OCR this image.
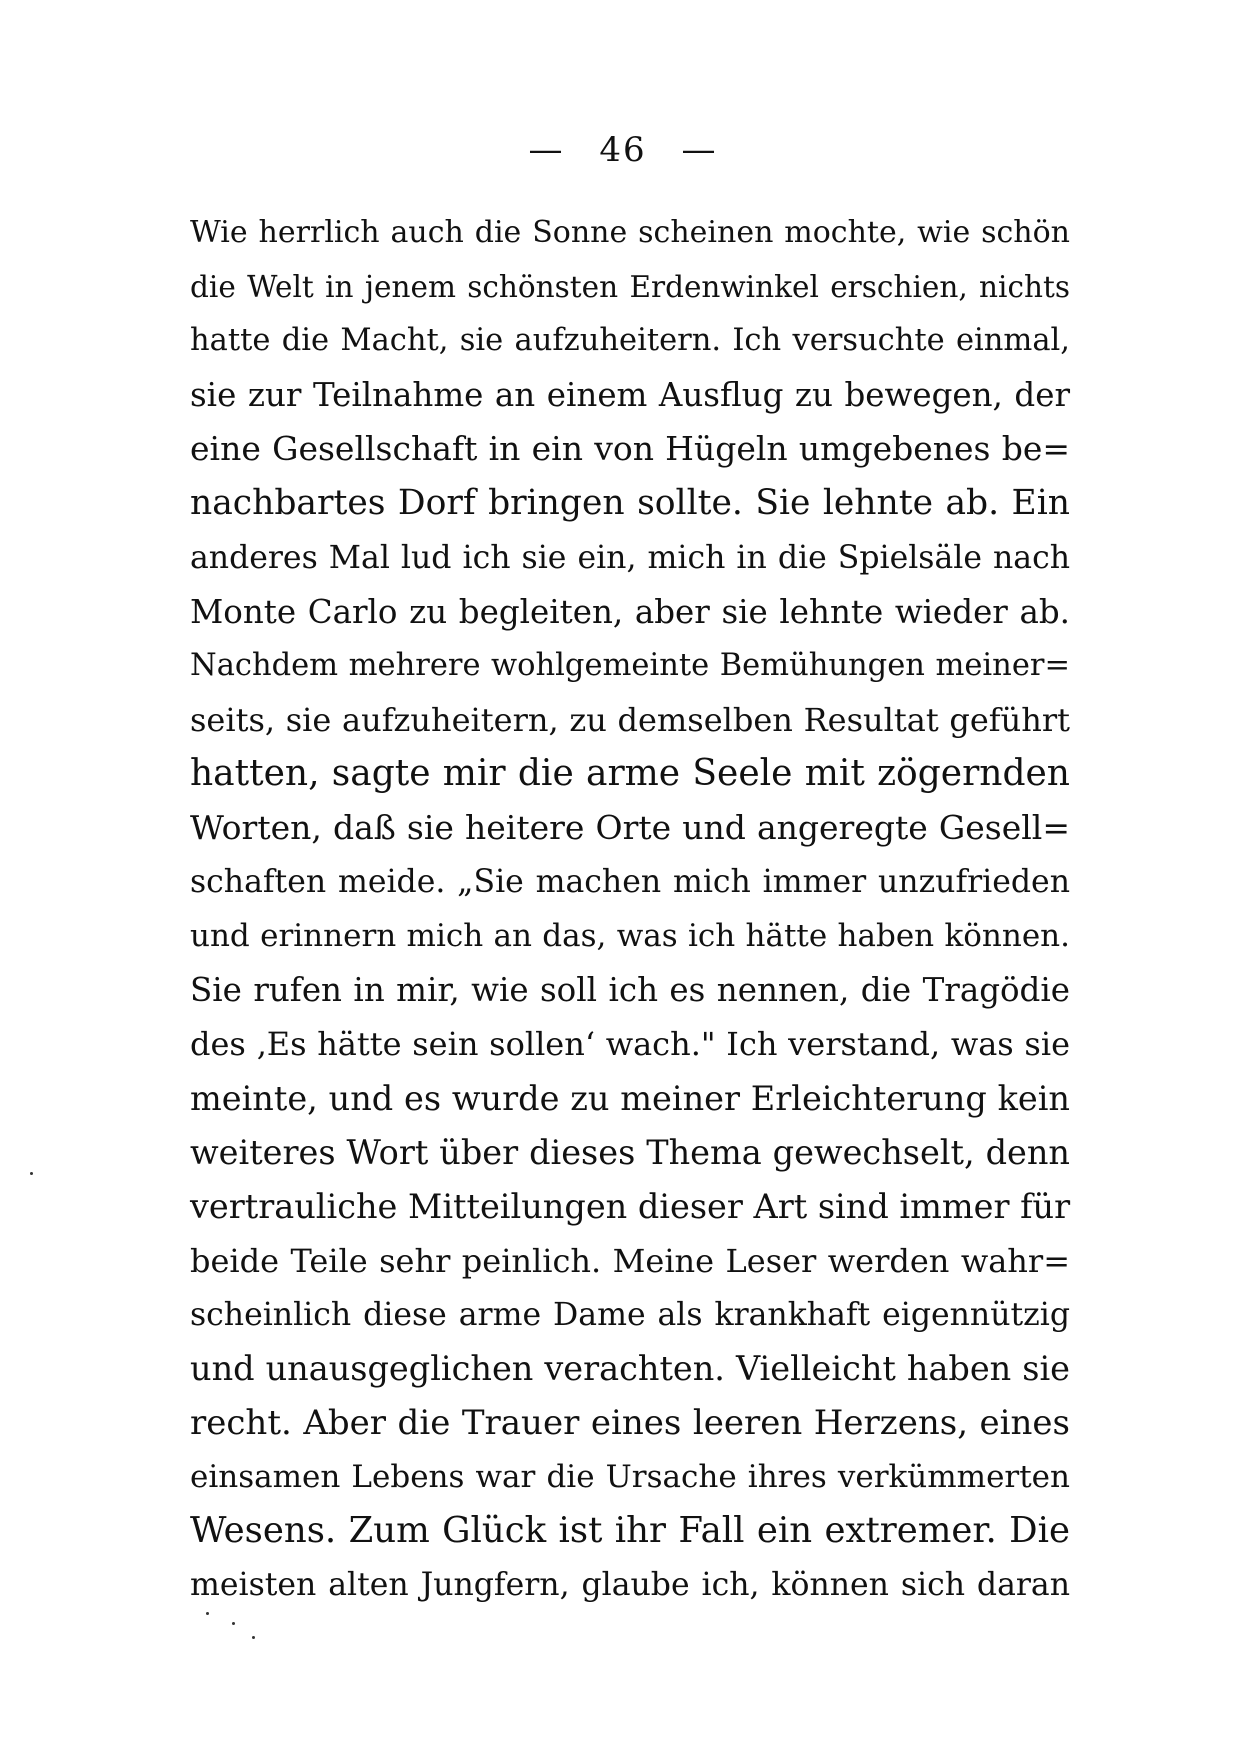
— 46 —
Wie herrlich auch die Sonne scheinen mochte, wie schön
die Welt in jenem schönsten Erdenwinkel erschien, nichts
hatte die Macht, sie aufzuheitern. Ich versuchte einmal,
sie zur Teilnahme an einem Ausflug zu bewegen, der
eine Gesellschaft in ein von Hügeln umgebenes be=
nachbartes Dorf bringen sollte. Sie lehnte ab. Ein
anderes Mal lud ich sie ein, mich in die Spielsäle nach
Monte Carlo zu begleiten, aber sie lehnte wieder ab.
Nachdem mehrere wohlgemeinte Bemühungen meiner=
seits, sie aufzuheitern, zu demselben Resultat geführt
hatten, sagte mir die arme Seele mit zögernden
Worten, daß sie heitere Orte und angeregte Gesell=
schaften meide. „Sie machen mich immer unzufrieden
und erinnern mich an das, was ich hätte haben können.
Sie rufen in mir, wie soll ich es nennen, die Tragödie
des ‚Es hätte sein sollen‘ wach." Ich verstand, was sie
meinte, und es wurde zu meiner Erleichterung kein
weiteres Wort über dieses Thema gewechselt, denn
vertrauliche Mitteilungen dieser Art sind immer für
beide Teile sehr peinlich. Meine Leser werden wahr=
scheinlich diese arme Dame als krankhaft eigennützig
und unausgeglichen verachten. Vielleicht haben sie
recht. Aber die Trauer eines leeren Herzens, eines
einsamen Lebens war die Ursache ihres verkümmerten
Wesens. Zum Glück ist ihr Fall ein extremer. Die
meisten alten Jungfern, glaube ich, können sich daran
